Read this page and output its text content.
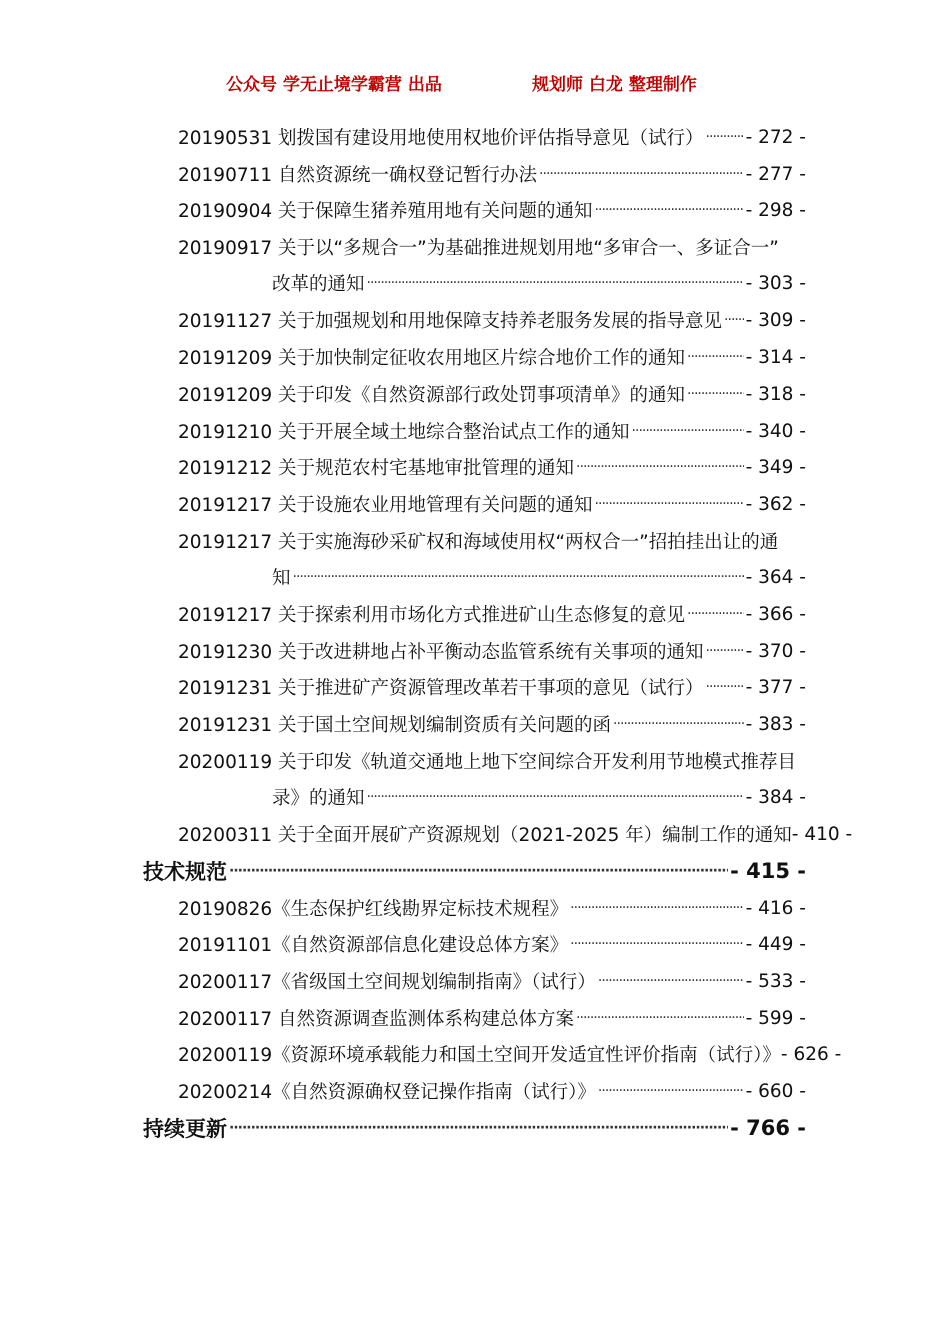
公众号 学无止境学霸营 出品	规划师 白龙 整理制作
20190531 划拨国有建设用地使用权地价评估指导意见（试行） ····· - 272 -
20190711 自然资源统一确权登记暂行办法 ·····	- 277 -
20190904 关于保障生猪养殖用地有关问题的通知 ·····	- 298 -
20190917 关于以“多规合一”为基础推进规划用地“多审合一、多证合一”
改革的通知 ·····	- 303 -
20191127 关于加强规划和用地保障支持养老服务发展的指导意见 ····· - 309 -
20191209 关于加快制定征收农用地区片综合地价工作的通知 ·····	- 314 -
20191209 关于印发《自然资源部行政处罚事项清单》的通知 ·····	- 318 -
20191210 关于开展全域土地综合整治试点工作的通知 ·····	- 340 -
20191212 关于规范农村宅基地审批管理的通知 ·····	- 349 -
20191217 关于设施农业用地管理有关问题的通知 ·····	- 362 -
20191217 关于实施海砂采矿权和海域使用权“两权合一”招拍挂出让的通
知 ·····	- 364 -
20191217 关于探索利用市场化方式推进矿山生态修复的意见 ·····	- 366 -
20191230 关于改进耕地占补平衡动态监管系统有关事项的通知 ····· - 370 -
20191231 关于推进矿产资源管理改革若干事项的意见（试行） ····· - 377 -
20191231 关于国土空间规划编制资质有关问题的函 ·····	- 383 -
20200119 关于印发《轨道交通地上地下空间综合开发利用节地模式推荐目
录》的通知 ·····	- 384 -
20200311 关于全面开展矿产资源规划（2021-2025 年）编制工作的通知 - 410 -
技术规范 ·····	- 415 -
20190826《生态保护红线勘界定标技术规程》 ·····	- 416 -
20191101《自然资源部信息化建设总体方案》 ·····	- 449 -
20200117《省级国土空间规划编制指南》（试行） ·····	- 533 -
20200117 自然资源调查监测体系构建总体方案 ·····	- 599 -
20200119《资源环境承载能力和国土空间开发适宜性评价指南（试行）》 - 626 -
20200214《自然资源确权登记操作指南（试行）》 ·····	- 660 -
持续更新 ·····	- 766 -
